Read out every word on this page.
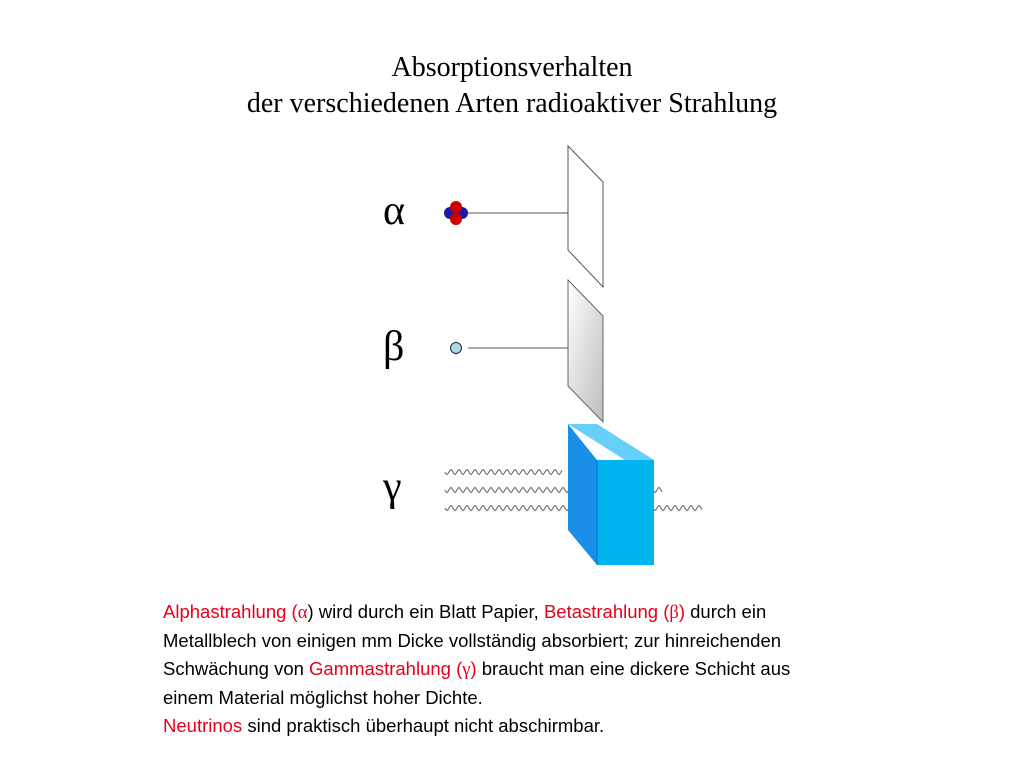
Absorptionsverhalten
der verschiedenen Arten radioaktiver Strahlung
α
β
γ
Alphastrahlung (α) wird durch ein Blatt Papier, Betastrahlung (β) durch ein
Metallblech von einigen mm Dicke vollständig absorbiert; zur hinreichenden
Schwächung von Gammastrahlung (γ) braucht man eine dickere Schicht aus
einem Material möglichst hoher Dichte.
Neutrinos sind praktisch überhaupt nicht abschirmbar.
